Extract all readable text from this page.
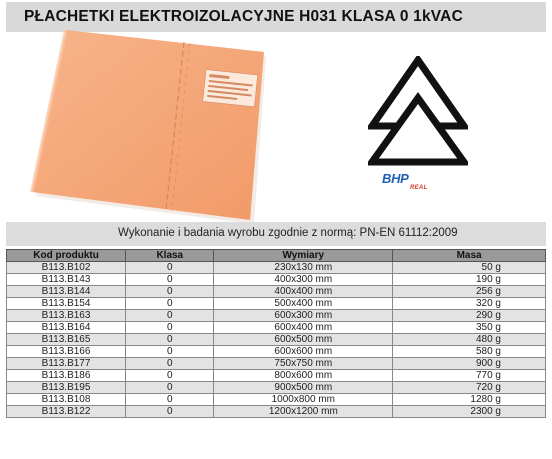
PŁACHETKI ELEKTROIZOLACYJNE H031 KLASA 0 1kVAC
BHP
REAL
Wykonanie i badania wyrobu zgodnie z normą: PN-EN 61112:2009
Kod produktu	Klasa	Wymiary	Masa
B113.B102	0	230x130 mm	50 g
B113.B143	0	400x300 mm	190 g
B113.B144	0	400x400 mm	256 g
B113.B154	0	500x400 mm	320 g
B113.B163	0	600x300 mm	290 g
B113.B164	0	600x400 mm	350 g
B113.B165	0	600x500 mm	480 g
B113.B166	0	600x600 mm	580 g
B113.B177	0	750x750 mm	900 g
B113.B186	0	800x600 mm	770 g
B113.B195	0	900x500 mm	720 g
B113.B108	0	1000x800 mm	1280 g
B113.B122	0	1200x1200 mm	2300 g
